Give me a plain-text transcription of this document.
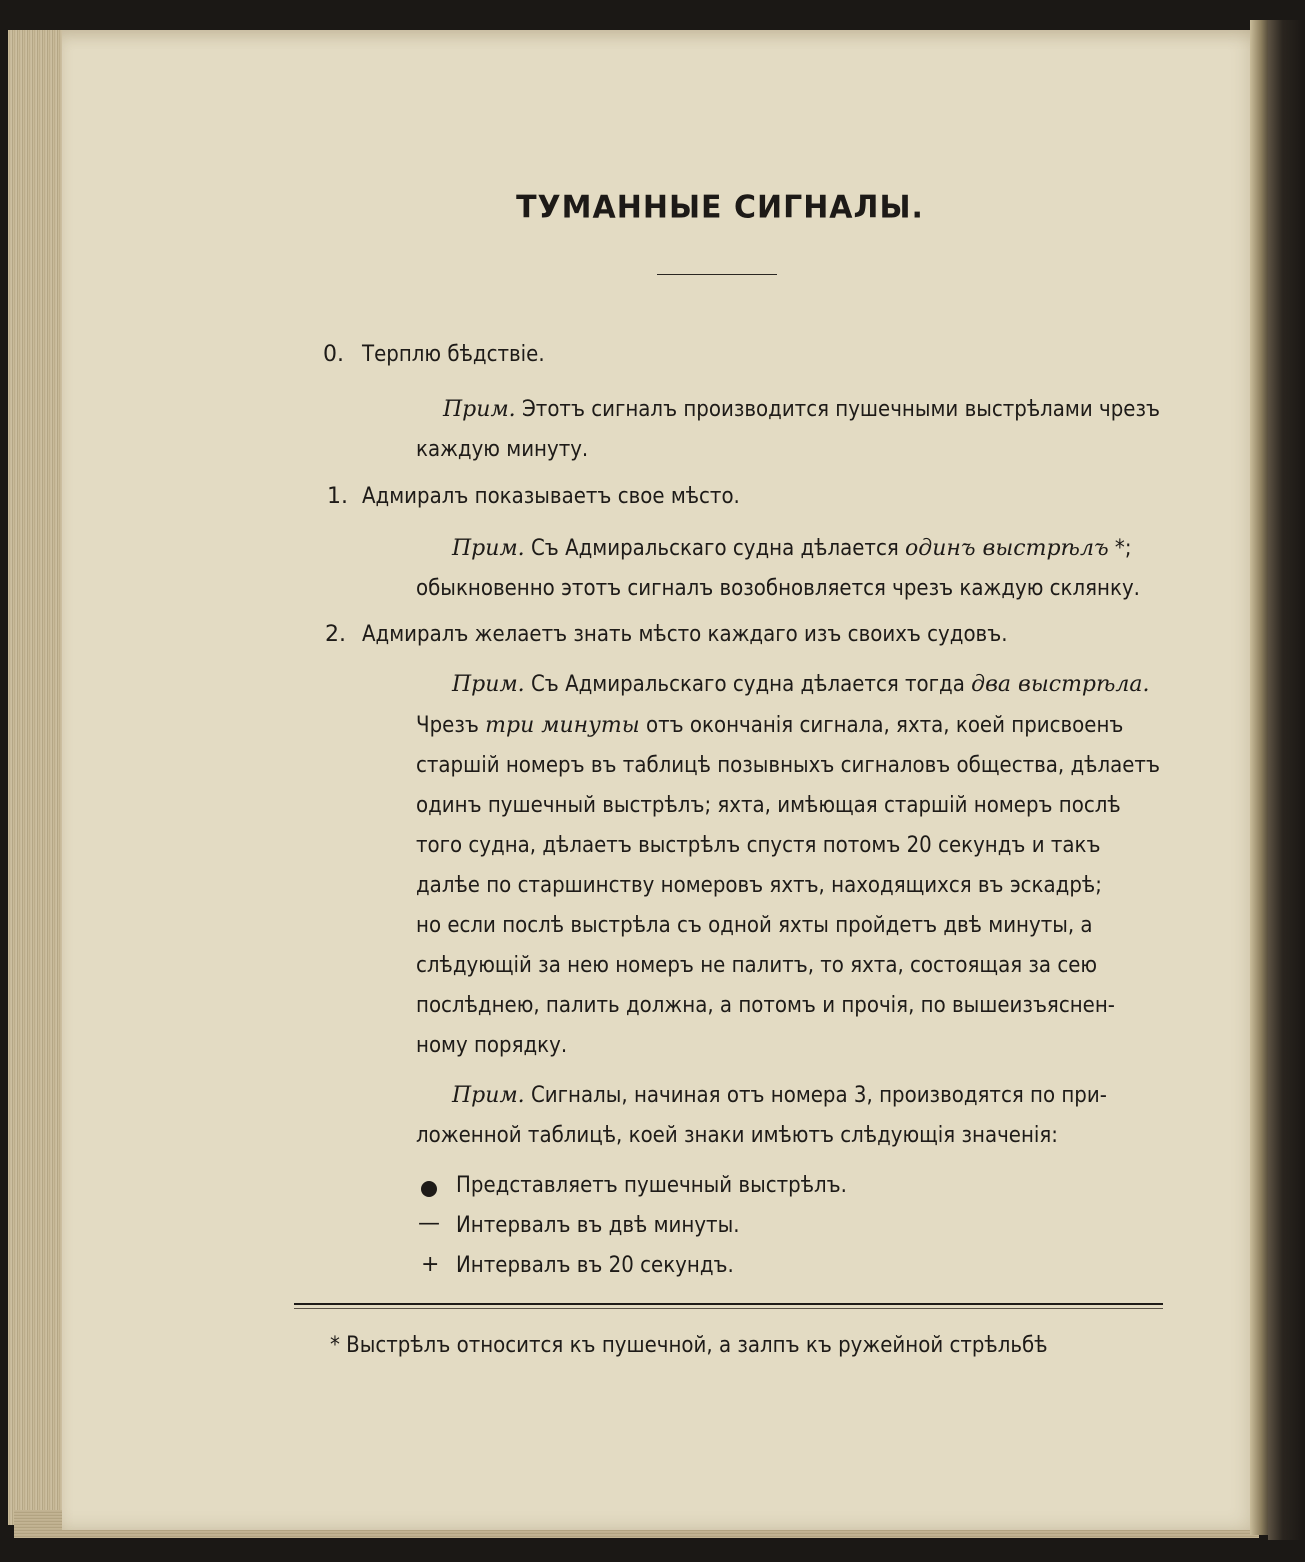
ТУМАННЫЕ СИГНАЛЫ.
0. Терплю бѣдствіе.
Прим. Этотъ сигналъ производится пушечными выстрѣлами чрезъ
каждую минуту.
1. Адмиралъ показываетъ свое мѣсто.
Прим. Съ Адмиральскаго судна дѣлается одинъ выстрѣлъ *;
обыкновенно этотъ сигналъ возобновляется чрезъ каждую склянку.
2. Адмиралъ желаетъ знать мѣсто каждаго изъ своихъ судовъ.
Прим. Съ Адмиральскаго судна дѣлается тогда два выстрѣла.
Чрезъ три минуты отъ окончанія сигнала, яхта, коей присвоенъ
старшій номеръ въ таблицѣ позывныхъ сигналовъ общества, дѣлаетъ
одинъ пушечный выстрѣлъ; яхта, имѣющая старшій номеръ послѣ
того судна, дѣлаетъ выстрѣлъ спустя потомъ 20 секундъ и такъ
далѣе по старшинству номеровъ яхтъ, находящихся въ эскадрѣ;
но если послѣ выстрѣла съ одной яхты пройдетъ двѣ минуты, а
слѣдующій за нею номеръ не палитъ, то яхта, состоящая за сею
послѣднею, палить должна, а потомъ и прочія, по вышеизъяснен-
ному порядку.
Прим. Сигналы, начиная отъ номера 3, производятся по при-
ложенной таблицѣ, коей знаки имѣютъ слѣдующія значенія:
Представляетъ пушечный выстрѣлъ.
— Интервалъ въ двѣ минуты.
+ Интервалъ въ 20 секундъ.
* Выстрѣлъ относится къ пушечной, а залпъ къ ружейной стрѣльбѣ
